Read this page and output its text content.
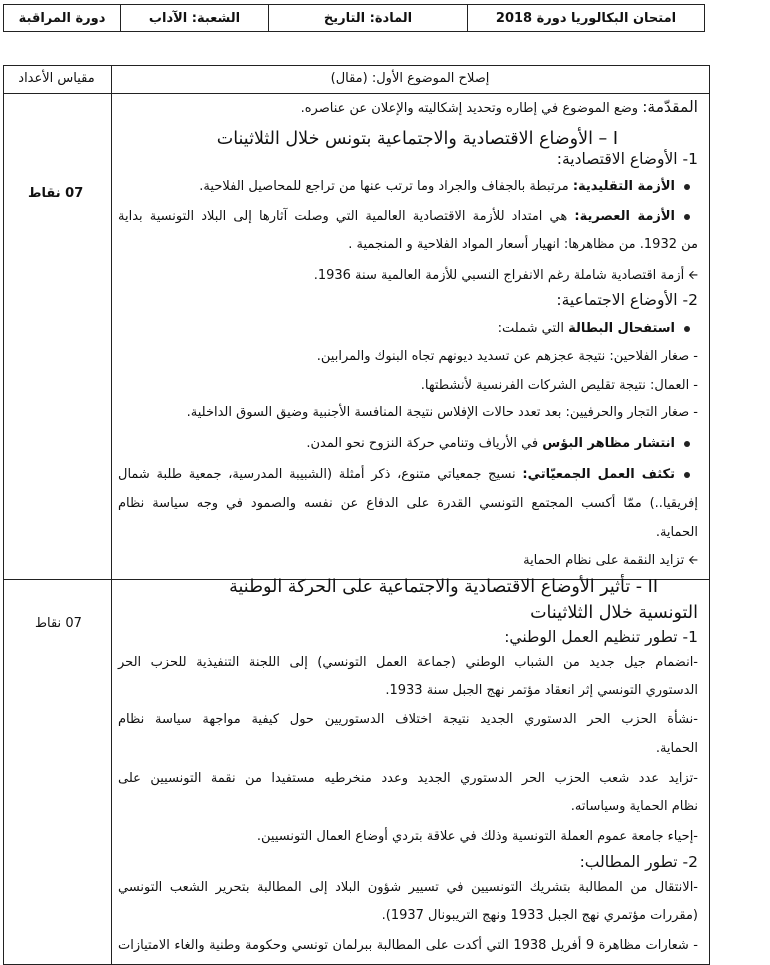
امتحان البكالوريا دورة 2018
المادة: التاريخ
الشعبة: الآداب
دورة المراقبة
إصلاح الموضوع الأول: (مقال)
مقياس الأعداد
07 نقاط
07 نقاط
المقدّمة: وضع الموضوع في إطاره وتحديد إشكاليته والإعلان عن عناصره.
I – الأوضاع الاقتصادية والاجتماعية بتونس خلال الثلاثينات
1- الأوضاع الاقتصادية:
الأزمة التقليدية: مرتبطة بالجفاف والجراد وما ترتب عنها من تراجع للمحاصيل الفلاحية.
الأزمة العصرية: هي امتداد للأزمة الاقتصادية العالمية التي وصلت آثارها إلى البلاد التونسية بداية
من 1932. من مظاهرها: انهيار أسعار المواد الفلاحية و المنجمية .
🡨أزمة اقتصادية شاملة رغم الانفراج النسبي للأزمة العالمية سنة 1936.
2- الأوضاع الاجتماعية:
استفحال البطالة التي شملت:
- صغار الفلاحين: نتيجة عجزهم عن تسديد ديونهم تجاه البنوك والمرابين.
- العمال: نتيجة تقليص الشركات الفرنسية لأنشطتها.
- صغار التجار والحرفيين: بعد تعدد حالات الإفلاس نتيجة المنافسة الأجنبية وضيق السوق الداخلية.
انتشار مظاهر البؤس في الأرياف وتنامي حركة النزوح نحو المدن.
تكثف العمل الجمعيّاتي: نسيج جمعياتي متنوع، ذكر أمثلة (الشبيبة المدرسية، جمعية طلبة شمال
إفريقيا..) ممّا أكسب المجتمع التونسي القدرة على الدفاع عن نفسه والصمود في وجه سياسة نظام
الحماية.
🡨تزايد النقمة على نظام الحماية
II - تأثير الأوضاع الاقتصادية والاجتماعية على الحركة الوطنية
التونسية خلال الثلاثينات
1- تطور تنظيم العمل الوطني:
-انضمام جيل جديد من الشباب الوطني (جماعة العمل التونسي) إلى اللجنة التنفيذية للحزب الحر
الدستوري التونسي إثر انعقاد مؤتمر نهج الجبل سنة 1933.
-نشأة الحزب الحر الدستوري الجديد نتيجة اختلاف الدستوريين حول كيفية مواجهة سياسة نظام
الحماية.
-تزايد عدد شعب الحزب الحر الدستوري الجديد وعدد منخرطيه مستفيدا من نقمة التونسيين على
نظام الحماية وسياساته.
-إحياء جامعة عموم العملة التونسية وذلك في علاقة بتردي أوضاع العمال التونسيين.
2- تطور المطالب:
-الانتقال من المطالبة بتشريك التونسيين في تسيير شؤون البلاد إلى المطالبة بتحرير الشعب التونسي
(مقررات مؤتمري نهج الجبل 1933 ونهج التريبونال 1937).
- شعارات مظاهرة 9 أفريل 1938 التي أكدت على المطالبة ببرلمان تونسي وحكومة وطنية والغاء الامتيازات
